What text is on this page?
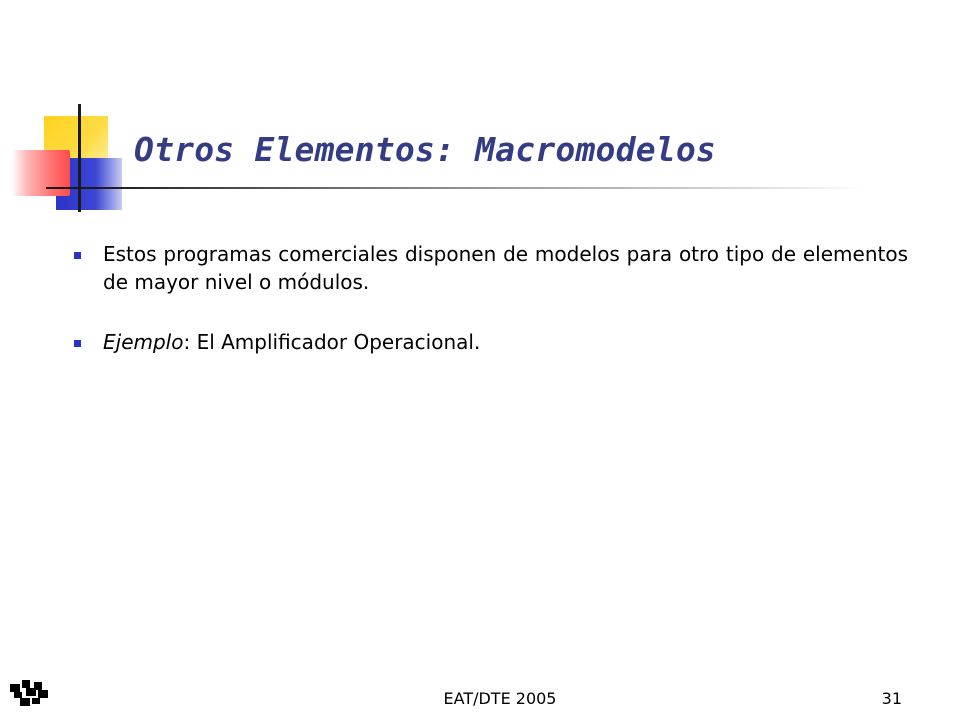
Otros Elementos: Macromodelos
Estos programas comerciales disponen de modelos para otro tipo de elementos de mayor nivel o módulos.
Ejemplo: El Amplificador Operacional.
EAT/DTE 2005	31
